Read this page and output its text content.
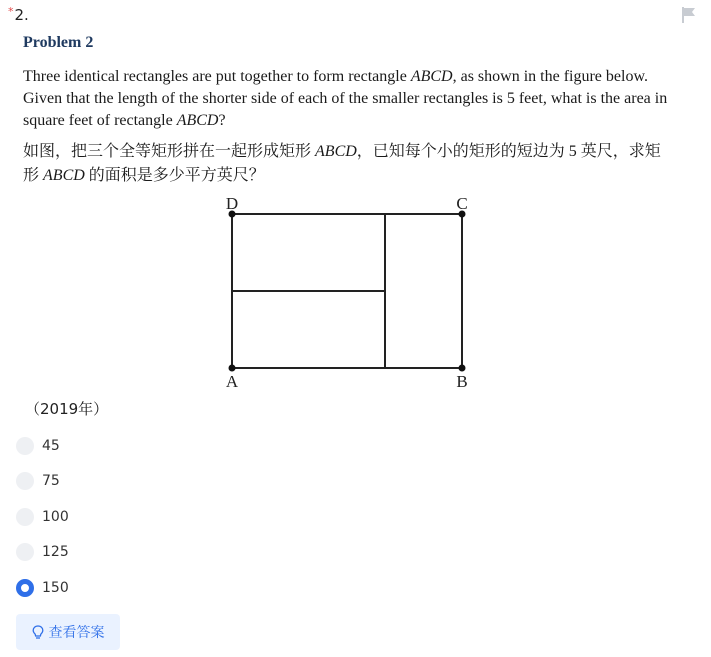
*2.
Problem 2

Three identical rectangles are put together to form rectangle ABCD, as shown in the figure below. Given that the length of the shorter side of each of the smaller rectangles is 5 feet, what is the area in square feet of rectangle ABCD?

如图，把三个全等矩形拼在一起形成矩形 ABCD，已知每个小的矩形的短边为 5 英尺，求矩形 ABCD 的面积是多少平方英尺？

D	C
A	B
（2019年）
45
75
100
125
150
查看答案
